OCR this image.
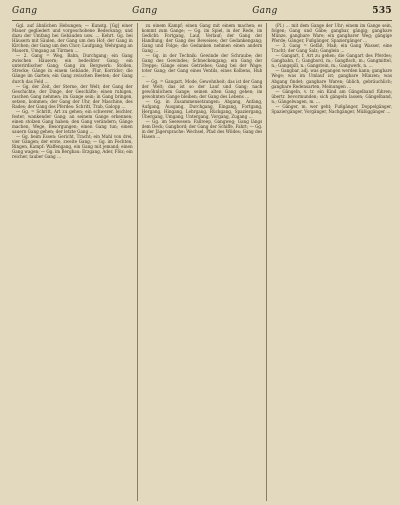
Gang	Gang	Gang	535

Ggl. auf ähnlichen Hebungen; — Kunstg. [Gg] einer Mauer gegliedert und vorgeschobene Bedeckung; und dazu der Umfang bei Gebäuden usw. … Kehrt. Gg. bei Häusern mit Säulen, der Gang um den Hof; der Gang in Kirchen; der Gang um den Chor; Laufgang; Wehrgang an Mauern, Umgang an Türmen …

— 2. Gang = Weg, Bahn, Durchgang; ein Gang zwischen Häusern; ein bedeckter Gang; ein unterirdischer Gang; Gang im Bergwerk: Stollen, Strecke; Gänge in einem Gebäude, Flur, Korridor; die Gänge im Garten; ein Gang zwischen Beeten; der Gang durch das Feld …

— Gg. der Zeit, der Sterne, der Welt; der Gang der Geschichte, der Dinge, der Geschäfte; einen ruhigen, raschen Gang nehmen; im Gange sein; in Gang bringen, setzen, kommen; der Gang der Uhr, der Maschine, des Rades; der Gang des Pferdes: Schritt, Trab, Galopp …

— Gg. = Schritt, Art zu gehen; ein schwerer, leichter, fester, wankender Gang; an seinem Gange erkennen; einen stolzen Gang haben; den Gang verändern; Gänge machen, Wege, Besorgungen; einen Gang tun; einen sauern Gang gehen; der letzte Gang …

— Gg. beim Essen: Gericht, Tracht; ein Mahl von drei, vier Gängen; der erste, zweite Gang; — Gg. im Fechten, Ringen, Kampf: Waffengang, ein Gang mit jemand; einen Gang wagen; — Gg. im Bergbau: Erzgang, Ader, Flöz; ein reicher, tauber Gang …

zu einem Kampf; einen Gang mit einem machen; es kommt zum Gange; — Gg. im Spiel, in der Rede, im Gedicht: Fortgang, Lauf, Verlauf; der Gang der Handlung; der Gang des Beweises; der Gedankengang; Gang und Folge; die Gedanken nehmen einen andern Gang …

— Gg. in der Technik: Gewinde der Schraube; der Gang des Gewindes; Schneckengang; ein Gang der Treppe; Gänge eines Getriebes; Gang bei der Wage; toter Gang; der Gang eines Ventils, eines Kolbens, Hub …

— Gg. = Gangart, Mode, Gewohnheit; das ist der Gang der Welt; das ist so der Lauf und Gang; nach gewöhnlichem Gange; seinen alten Gang gehen; im gewohnten Gange bleiben; der Gang des Lebens …

— Gg. in Zusammensetzungen: Abgang, Anfang, Aufgang, Ausgang, Durchgang, Eingang, Fortgang, Hergang, Hingang, Lehrgang, Rückgang, Spaziergang, Übergang, Umgang, Untergang, Vorgang, Zugang …

— Gg. im Seewesen: Fallreep, Gangweg; Gang längs dem Deck; Gangbord; der Gang der Schiffe, Fahrt; — Gg. in der Jägersprache: Wechsel, Pfad des Wildes; Gang des Hasen …

(Pl.) … mit dem Gange der Uhr; einem im Gange sein, folgen; Gang und Gäbe; gangbar, gängig; gangbare Münze, gangbare Ware; ein gangbarer Weg; gängige Pferde; Gänger, Fußgänger, Spaziergänger …

— 3. Gang = Gefäß, Maß; ein Gang Wasser, eine Tracht; der Gang Salz; Ganglein …

— Gangart, f. Art zu gehen; die Gangart des Pferdes; Gangbahn, f.; Gangbord, m.; Gangfisch, m.; Gangmittel, n.; Gangspill, n.; Gangstein, m.; Gangwerk, n. …

— Gangbar, adj. was gegangen werden kann; gangbare Wege; was im Umlauf ist; gangbare Münzen; was Abgang findet; gangbare Waren; üblich, gebräuchlich; gangbare Redensarten, Meinungen …

— Gängeln, v. tr. ein Kind am Gängelband führen; übertr. bevormunden; sich gängeln lassen; Gängelband, n.; Gängelwagen, m. …

— Gänger, m. wer geht; Fußgänger, Doppelgänger, Spaziergänger, Vorgänger, Nachgänger, Müßiggänger …
